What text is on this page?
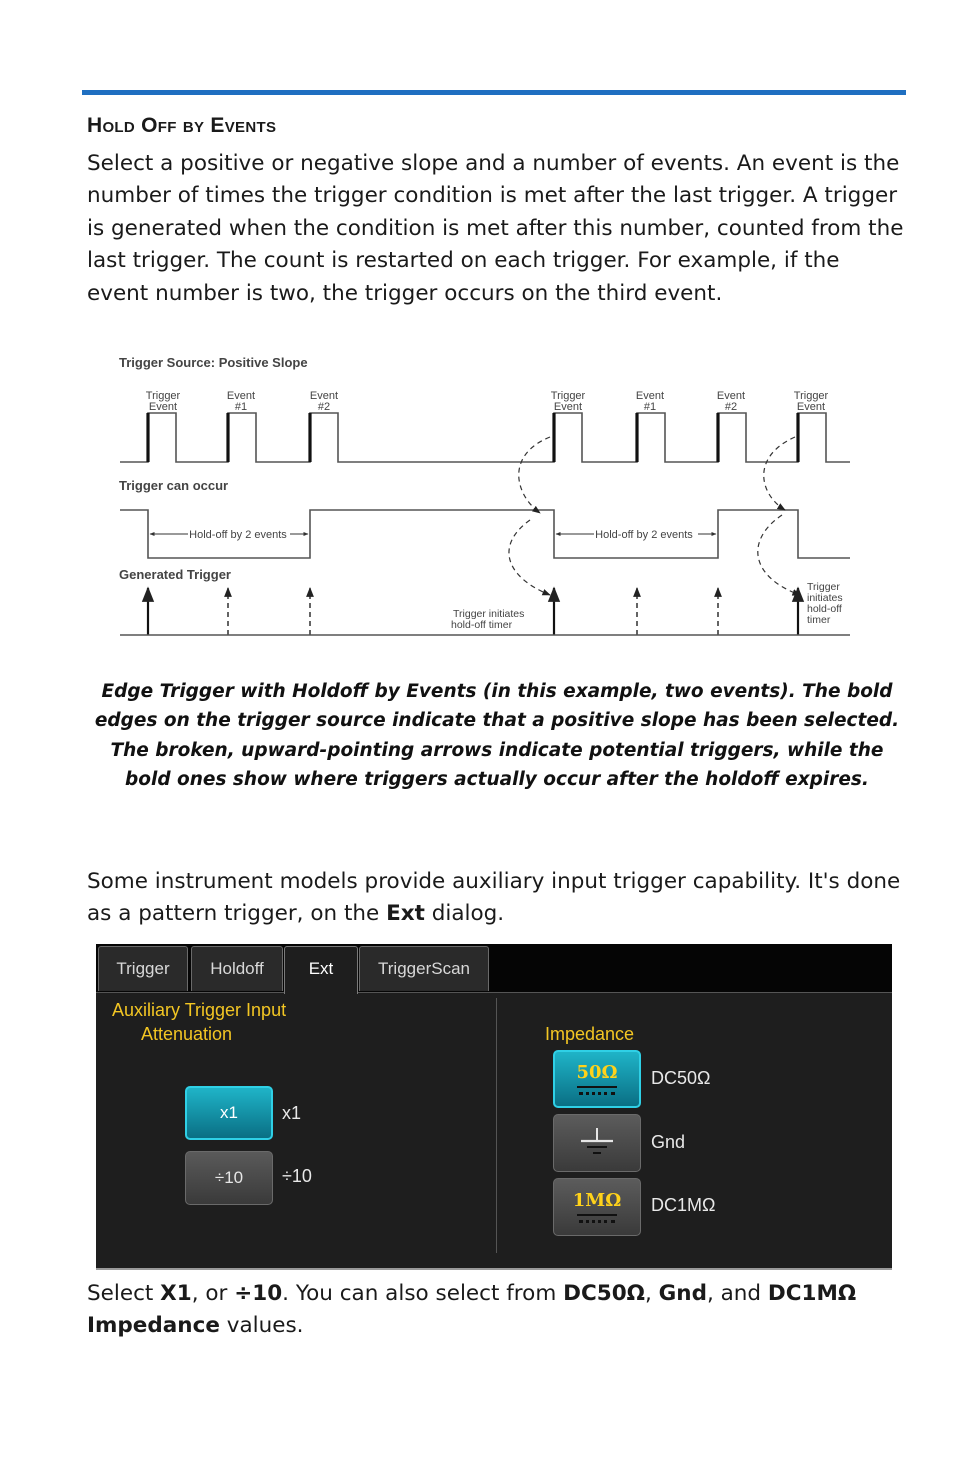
Hold Off by Events
Select a positive or negative slope and a number of events. An event is the number of times the trigger condition is met after the last trigger. A trigger is generated when the condition is met after this number, counted from the last trigger. The count is restarted on each trigger. For example, if the event number is two, the trigger occurs on the third event.
Trigger Source: Positive Slope
Trigger
Event
Event
#1
Event
#2
Trigger
Event
Event
#1
Event
#2
Trigger
Event
Trigger can occur
Hold-off by 2 events	Hold-off by 2 events
Generated Trigger
Trigger initiates
hold-off timer
Trigger
initiates
hold-off
timer
Edge Trigger with Holdoff by Events (in this example, two events). The bold edges on the trigger source indicate that a positive slope has been selected. The broken, upward-pointing arrows indicate potential triggers, while the bold ones show where triggers actually occur after the holdoff expires.
Some instrument models provide auxiliary input trigger capability. It's done as a pattern trigger, on the Ext dialog.
Trigger	Holdoff	Ext	TriggerScan
Auxiliary Trigger Input
Attenuation
x1	x1
÷10	÷10
Impedance
50Ω DC50Ω
Gnd
1MΩ DC1MΩ
Select X1, or ÷10. You can also select from DC50Ω, Gnd, and DC1MΩ
Impedance values.
